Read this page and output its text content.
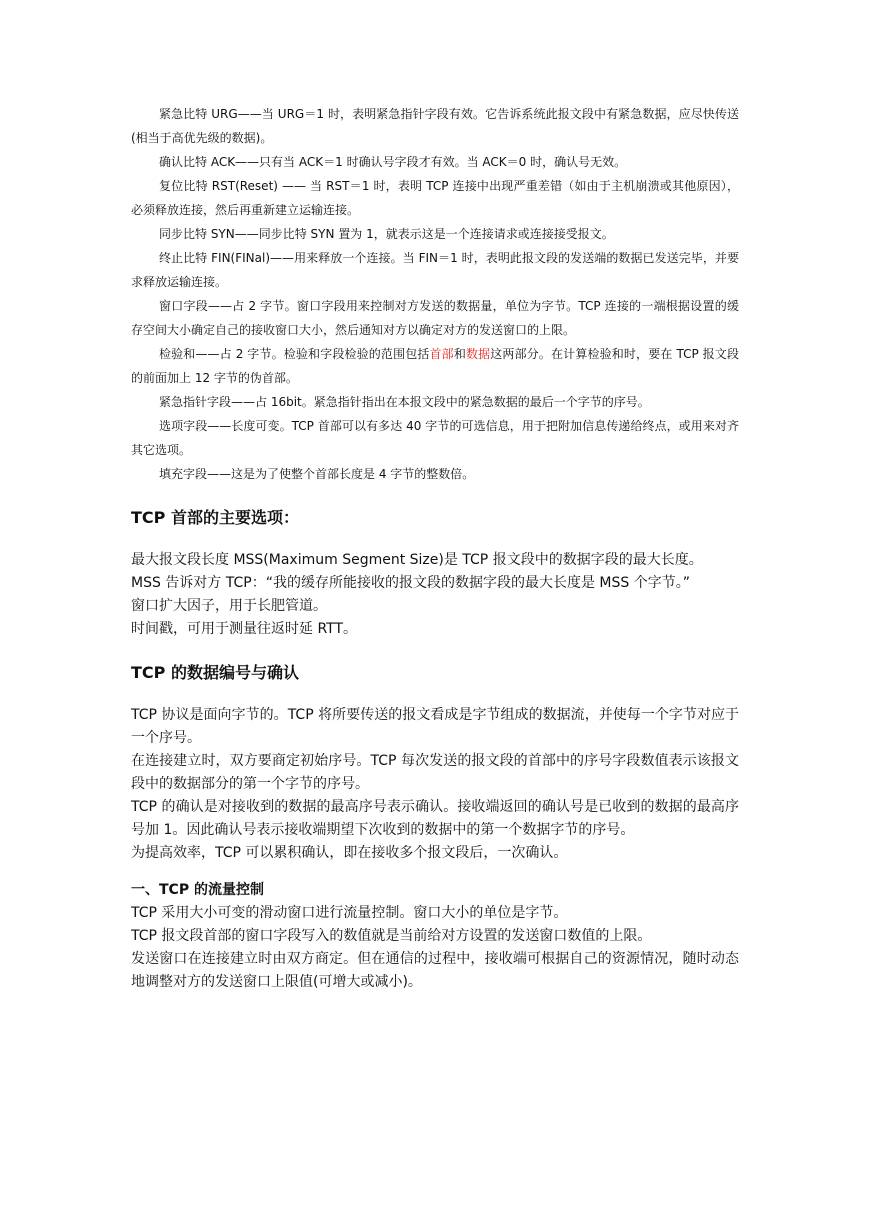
紧急比特 URG——当 URG＝1 时，表明紧急指针字段有效。它告诉系统此报文段中有紧急数据，应尽快传送(相当于高优先级的数据)。

确认比特 ACK——只有当 ACK＝1 时确认号字段才有效。当 ACK＝0 时，确认号无效。

复位比特 RST(Reset) —— 当 RST＝1 时，表明 TCP 连接中出现严重差错（如由于主机崩溃或其他原因），必须释放连接，然后再重新建立运输连接。

同步比特 SYN——同步比特 SYN 置为 1，就表示这是一个连接请求或连接接受报文。

终止比特 FIN(FINal)——用来释放一个连接。当 FIN＝1 时，表明此报文段的发送端的数据已发送完毕，并要求释放运输连接。

窗口字段——占 2 字节。窗口字段用来控制对方发送的数据量，单位为字节。TCP 连接的一端根据设置的缓存空间大小确定自己的接收窗口大小，然后通知对方以确定对方的发送窗口的上限。

检验和——占 2 字节。检验和字段检验的范围包括首部和数据这两部分。在计算检验和时，要在 TCP 报文段的前面加上 12 字节的伪首部。

紧急指针字段——占 16bit。紧急指针指出在本报文段中的紧急数据的最后一个字节的序号。

选项字段——长度可变。TCP 首部可以有多达 40 字节的可选信息，用于把附加信息传递给终点，或用来对齐其它选项。

填充字段——这是为了使整个首部长度是 4 字节的整数倍。

TCP 首部的主要选项：

最大报文段长度 MSS(Maximum Segment Size)是 TCP 报文段中的数据字段的最大长度。

MSS 告诉对方 TCP：“我的缓存所能接收的报文段的数据字段的最大长度是 MSS 个字节。”

窗口扩大因子，用于长肥管道。

时间戳，可用于测量往返时延 RTT。

TCP 的数据编号与确认

TCP 协议是面向字节的。TCP 将所要传送的报文看成是字节组成的数据流，并使每一个字节对应于一个序号。

在连接建立时，双方要商定初始序号。TCP 每次发送的报文段的首部中的序号字段数值表示该报文段中的数据部分的第一个字节的序号。

TCP 的确认是对接收到的数据的最高序号表示确认。接收端返回的确认号是已收到的数据的最高序号加 1。因此确认号表示接收端期望下次收到的数据中的第一个数据字节的序号。

为提高效率，TCP 可以累积确认，即在接收多个报文段后，一次确认。

一、TCP 的流量控制

TCP 采用大小可变的滑动窗口进行流量控制。窗口大小的单位是字节。

TCP 报文段首部的窗口字段写入的数值就是当前给对方设置的发送窗口数值的上限。

发送窗口在连接建立时由双方商定。但在通信的过程中，接收端可根据自己的资源情况，随时动态地调整对方的发送窗口上限值(可增大或减小)。
